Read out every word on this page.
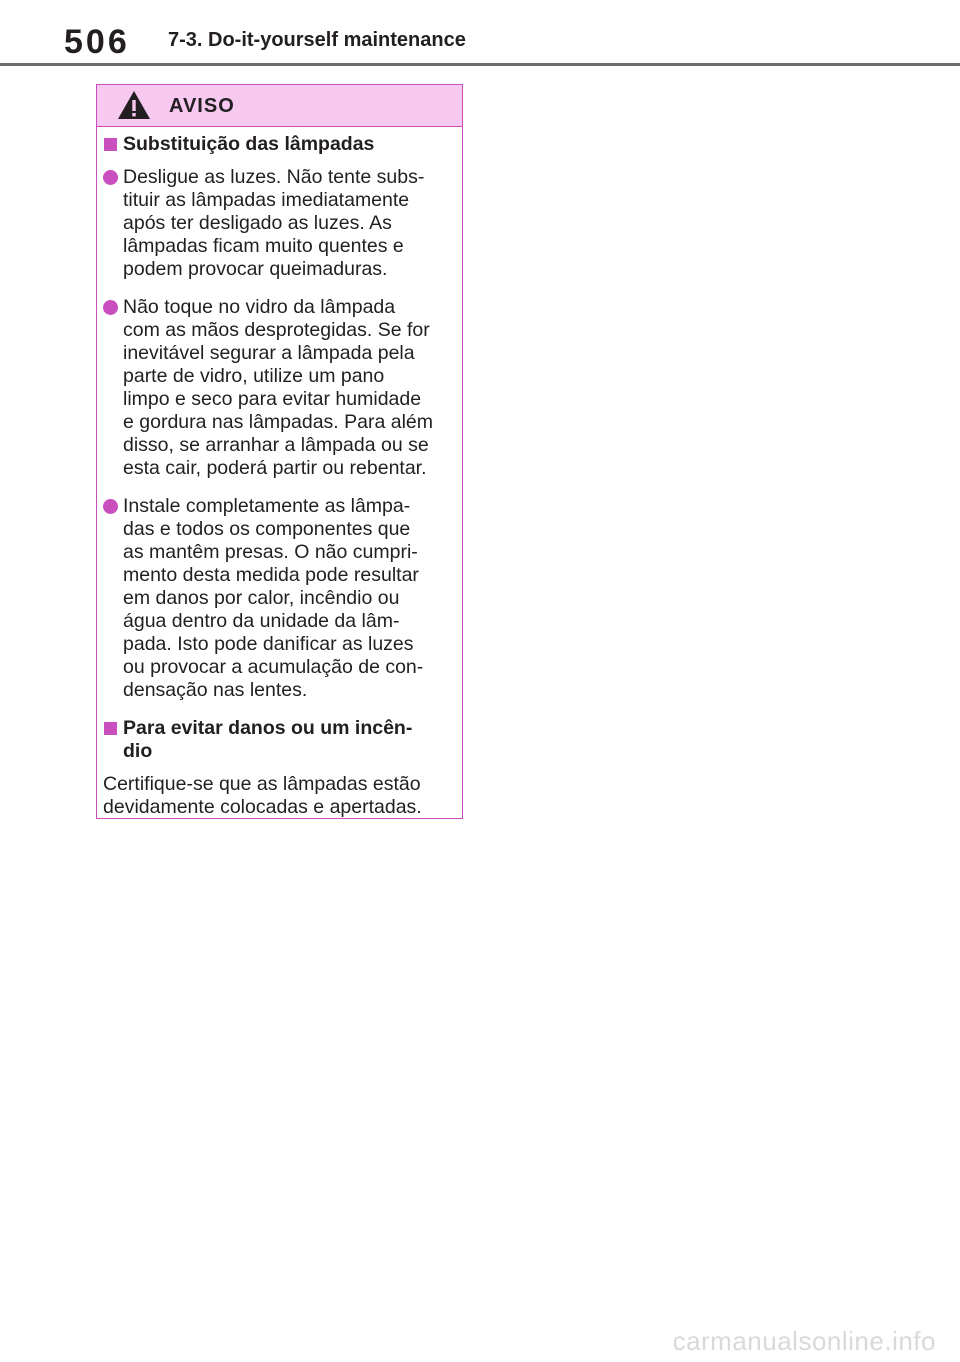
506 7-3. Do-it-yourself maintenance
AVISO
Substituição das lâmpadas
Desligue as luzes. Não tente subs-
tituir as lâmpadas imediatamente
após ter desligado as luzes. As
lâmpadas ficam muito quentes e
podem provocar queimaduras.
Não toque no vidro da lâmpada
com as mãos desprotegidas. Se for
inevitável segurar a lâmpada pela
parte de vidro, utilize um pano
limpo e seco para evitar humidade
e gordura nas lâmpadas. Para além
disso, se arranhar a lâmpada ou se
esta cair, poderá partir ou rebentar.
Instale completamente as lâmpa-
das e todos os componentes que
as mantêm presas. O não cumpri-
mento desta medida pode resultar
em danos por calor, incêndio ou
água dentro da unidade da lâm-
pada. Isto pode danificar as luzes
ou provocar a acumulação de con-
densação nas lentes.
Para evitar danos ou um incên-
dio
Certifique-se que as lâmpadas estão
devidamente colocadas e apertadas.
carmanualsonline.info
